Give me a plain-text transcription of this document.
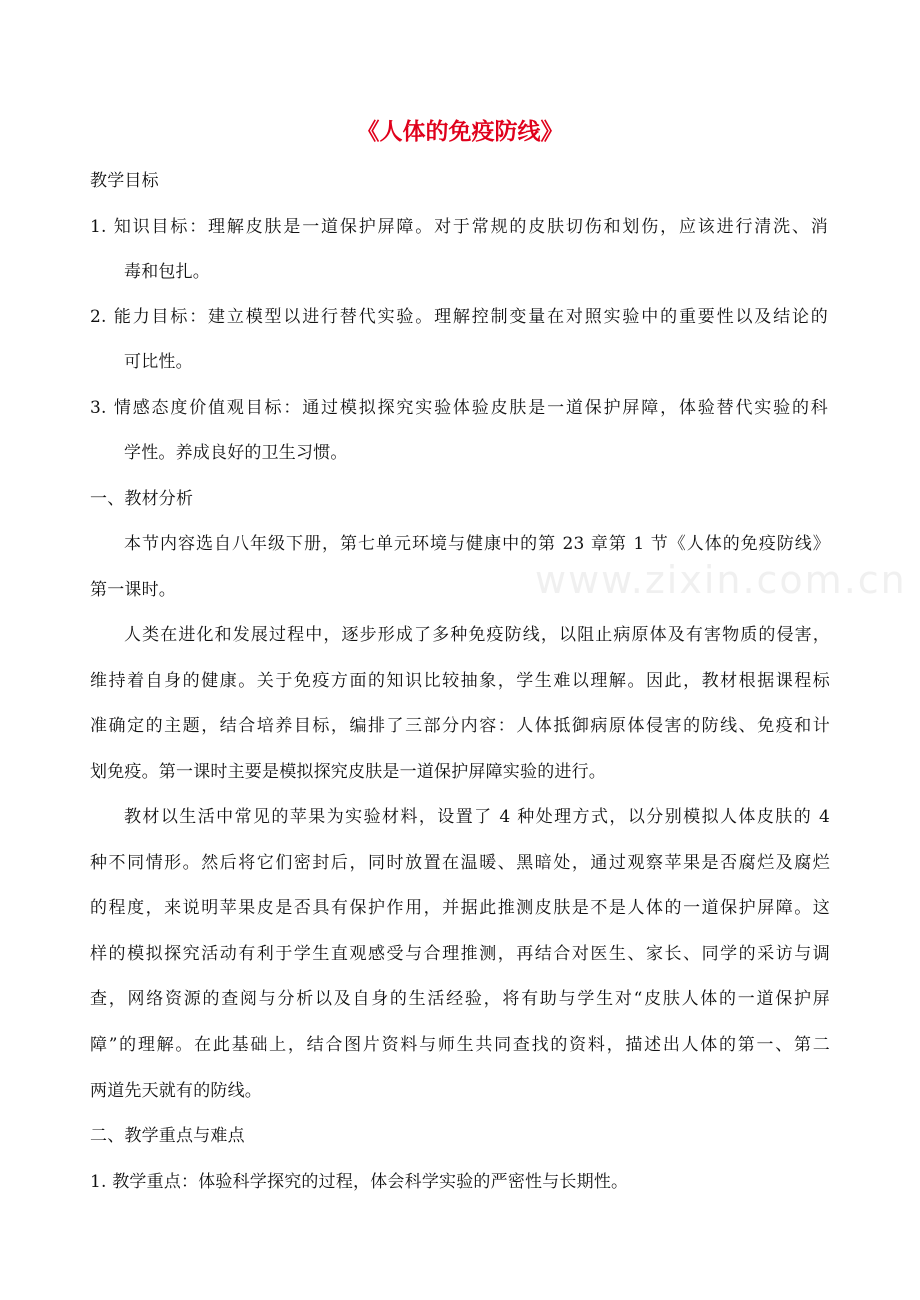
www.zixin.com.cn
《人体的免疫防线》
教学目标
1. 知识目标：理解皮肤是一道保护屏障。对于常规的皮肤切伤和划伤，应该进行清洗、消
毒和包扎。
2. 能力目标：建立模型以进行替代实验。理解控制变量在对照实验中的重要性以及结论的
可比性。
3. 情感态度价值观目标：通过模拟探究实验体验皮肤是一道保护屏障，体验替代实验的科
学性。养成良好的卫生习惯。
一、教材分析
本节内容选自八年级下册，第七单元环境与健康中的第 23 章第 1 节《人体的免疫防线》
第一课时。
人类在进化和发展过程中，逐步形成了多种免疫防线，以阻止病原体及有害物质的侵害，
维持着自身的健康。关于免疫方面的知识比较抽象，学生难以理解。因此，教材根据课程标
准确定的主题，结合培养目标，编排了三部分内容：人体抵御病原体侵害的防线、免疫和计
划免疫。第一课时主要是模拟探究皮肤是一道保护屏障实验的进行。
教材以生活中常见的苹果为实验材料，设置了 4 种处理方式，以分别模拟人体皮肤的 4
种不同情形。然后将它们密封后，同时放置在温暖、黑暗处，通过观察苹果是否腐烂及腐烂
的程度，来说明苹果皮是否具有保护作用，并据此推测皮肤是不是人体的一道保护屏障。这
样的模拟探究活动有利于学生直观感受与合理推测，再结合对医生、家长、同学的采访与调
查，网络资源的查阅与分析以及自身的生活经验，将有助与学生对“皮肤人体的一道保护屏
障”的理解。在此基础上，结合图片资料与师生共同查找的资料，描述出人体的第一、第二
两道先天就有的防线。
二、教学重点与难点
1. 教学重点：体验科学探究的过程，体会科学实验的严密性与长期性。
